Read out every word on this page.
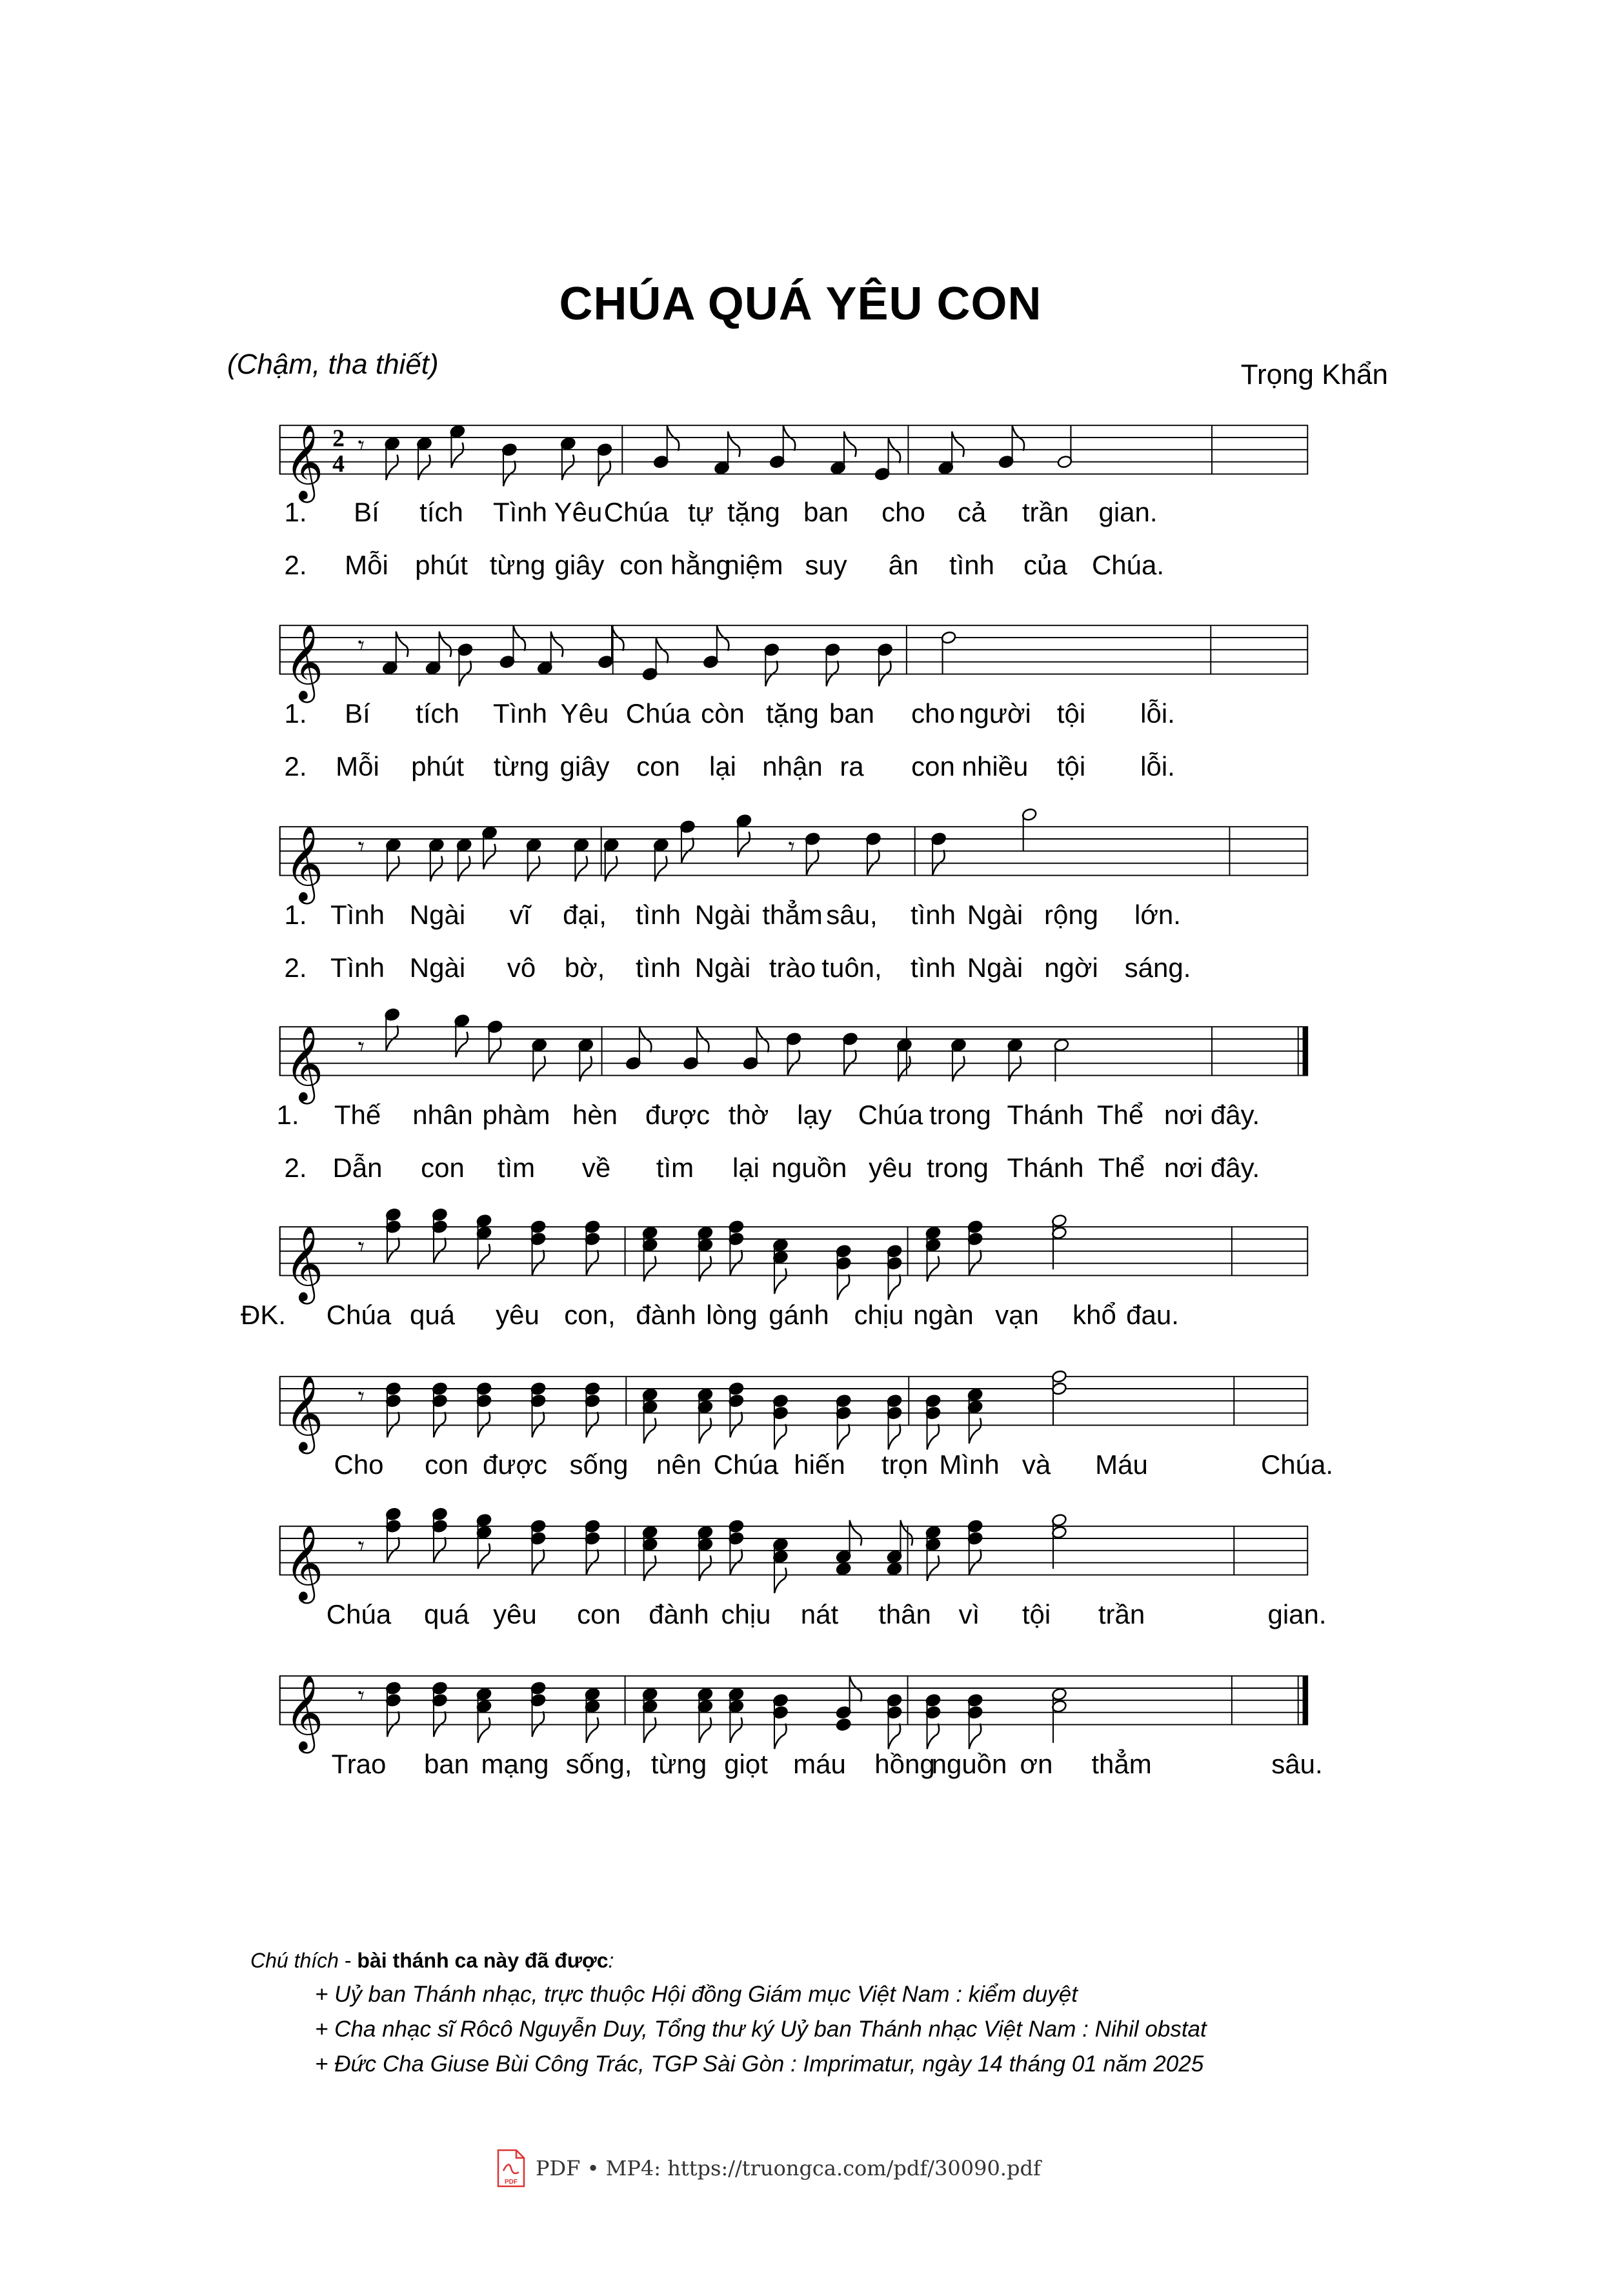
CHÚA QUÁ YÊU CON
(Chậm, tha thiết)	Trọng Khẩn
𝄞 2
4
𝄾
1. Bí tích Tình Yêu Chúa tự tặng ban cho cả trần gian.
2. Mỗi phút từng giây con hằng
niệm suy ân tình của Chúa.
𝄞 𝄾
1. Bí tích Tình Yêu Chúa còn tặng ban cho người tội lỗi.
2. Mỗi phút từng giây con lại nhận ra con nhiều tội lỗi.
𝄞 𝄾	𝄾
1. Tình Ngài vĩ đại, tình Ngài thẳm sâu, tình Ngài rộng lớn.
2. Tình Ngài vô bờ, tình Ngài trào tuôn, tình Ngài ngời sáng.
𝄞 𝄾
1. Thế nhân phàm hèn được thờ lạy Chúa trong Thánh Thể nơi đây.
2. Dẫn con tìm về tìm lại nguồn yêu trong Thánh Thể nơi đây.
𝄞 𝄾
ĐK. Chúa quá yêu con, đành lòng gánh chịu ngàn vạn khổ đau.
𝄞 𝄾
Cho con được sống nên Chúa hiến trọn Mình và Máu	Chúa.
𝄞 𝄾
Chúa quá yêu con đành chịu nát thân vì tội trần	gian.
𝄞 𝄾
Trao ban mạng sống, từng giọt máu hồng
nguồn ơn thẳm	sâu.
Chú thích - bài thánh ca này đã được:
+ Uỷ ban Thánh nhạc, trực thuộc Hội đồng Giám mục Việt Nam : kiểm duyệt
+ Cha nhạc sĩ Rôcô Nguyễn Duy, Tổng thư ký Uỷ ban Thánh nhạc Việt Nam : Nihil obstat
+ Đức Cha Giuse Bùi Công Trác, TGP Sài Gòn : Imprimatur, ngày 14 tháng 01 năm 2025
PDF
PDF • MP4: https://truongca.com/pdf/30090.pdf
